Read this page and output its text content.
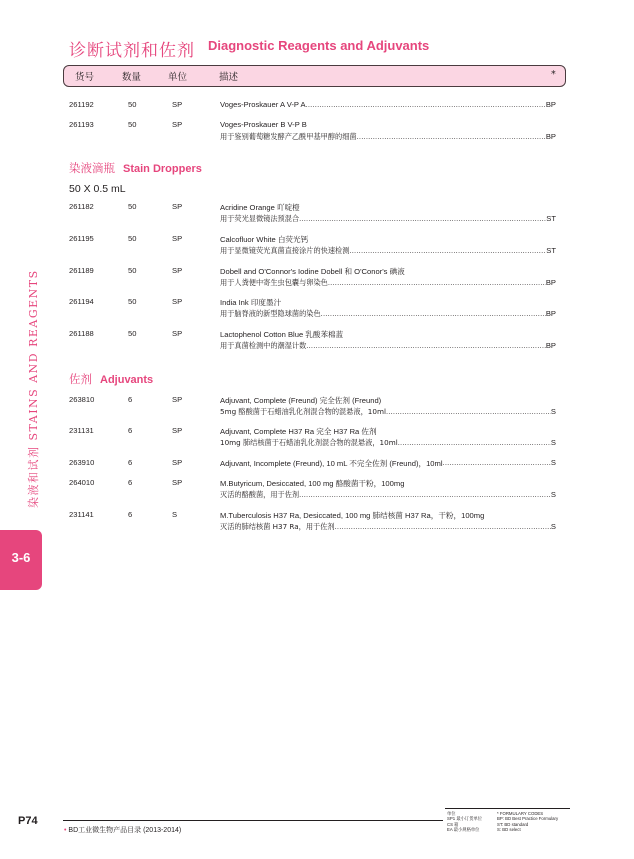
诊断试剂和佐剂 Diagnostic Reagents and Adjuvants
货号	数量	单位	描述	*
261192	50	SP	Voges-Proskauer A V-P A .....	BP
261193	50	SP	Voges-Proskauer B V-P B
用于鉴别葡萄糖发酵产乙酰甲基甲醇的细菌 .....	BP
染液滴瓶 Stain Droppers
50 X 0.5 mL
261182	50	SP	Acridine Orange 吖啶橙
用于荧光显微镜法预混合 .....	ST
261195	50	SP	Calcofluor White 白荧光钙
用于显微镜荧光真菌直接涂片的快速检测 .....	ST
261189	50	SP	Dobell and O'Connor's Iodine Dobell 和 O'Conor's 碘液
用于人粪便中寄生虫包囊与卵染色 .....	BP
261194	50	SP	India Ink 印度墨汁
用于脑脊液的新型隐球菌的染色 .....	BP
261188	50	SP	Lactophenol Cotton Blue 乳酸苯棉蓝
用于真菌检测中的潮湿计数 .....	BP
佐剂 Adjuvants
263810	6	SP	Adjuvant, Complete (Freund) 完全佐剂 (Freund)
5mg 酪酸菌于石蜡油乳化剂混合物的混悬液，10ml .....	S
231131	6	SP	Adjuvant, Complete H37 Ra 完全 H37 Ra 佐剂
10mg 肺结核菌于石蜡油乳化剂混合物的混悬液，10ml .....	S
263910	6	SP	Adjuvant, Incomplete (Freund), 10 mL 不完全佐剂 (Freund)，10ml .....	S
264010	6	SP	M.Butyricum, Desiccated, 100 mg 酪酸菌干粉，100mg
灭活的酪酸菌，用于佐剂 .....	S
231141	6	S	M.Tuberculosis H37 Ra, Desiccated, 100 mg 肺结核菌 H37 Ra，干粉，100mg
灭活的肺结核菌 H37 Ra，用于佐剂 .....	S
染液和试剂 STAINS AND REAGENTS
3-6
P74
• BD工业微生物产品目录 (2013-2014)
单位
SP1 最小订货单位
CS 箱
EA 最小规格单位
* FORMULARY CODES
BP: BD Best Practice Formulary
ST: BD standard
S: BD select
